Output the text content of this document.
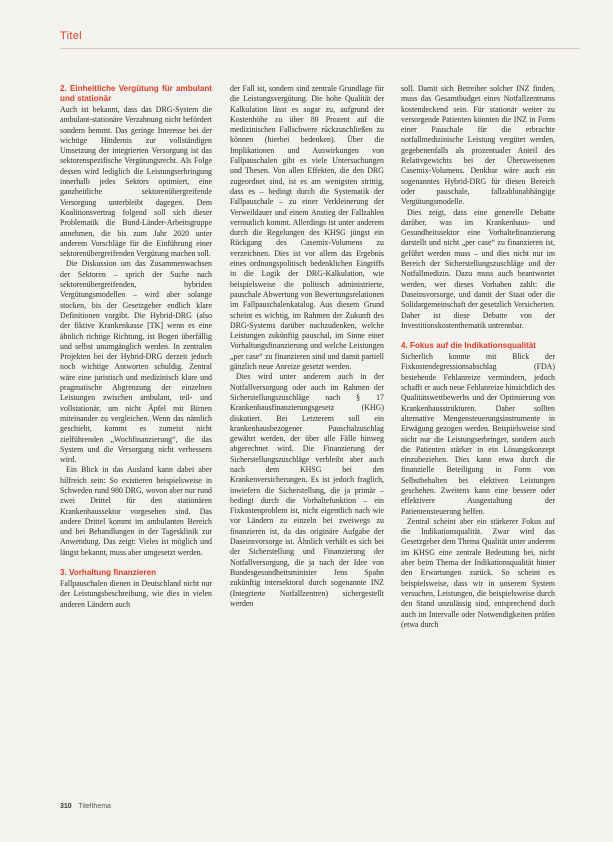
Titel
2. Einheitliche Vergütung für ambulant und stationär

Auch ist bekannt, dass das DRG-System die ambulant-stationäre Verzahnung nicht befördert sondern hemmt. Das geringe Interesse bei der wichtige Hindernis zur vollständigen Umsetzung der integrierten Versorgung ist das sektorenspezifische Vergütungsrecht. Als Folge dessen wird lediglich die Leistungserbringung innerhalb jedes Sektors optimiert, eine ganzheitliche sektorenübergreifende Versorgung unterbleibt dagegen. Dem Koalitionsvertrag folgend soll sich dieser Problematik die Bund-Länder-Arbeitsgruppe annehmen, die bis zum Jahr 2020 unter anderem Vorschläge für die Einführung einer sektorenübergreifenden Vergütung machen soll.

Die Diskussion um das Zusammenwachsen der Sektoren – sprich der Suche nach sektorenübergreifenden, hybriden Vergütungsmodellen – wird aber solange stocken, bis der Gesetzgeber endlich klare Definitionen vorgibt. Die Hybrid-DRG (also der fiktive Krankenkasse [TK] wenn es eine ähnlich richtige Richtung, ist Bogen überfällig und selbst unumgänglich werden. In zentralen Projekten bei der Hybrid-DRG derzeit jedoch noch wichtige Antworten schuldig. Zentral wäre eine juristisch und medizinisch klare und pragmatische Abgrenzung der einzelnen Leistungen zwischen ambulant, teil- und vollstationär, um nicht Äpfel mit Birnen miteinander zu vergleichen. Wenn das nämlich geschieht, kommt es zumeist nicht zielführenden „Wochfinanzierung“, die das System und die Versorgung nicht verbessern wird.

Ein Blick in das Ausland kann dabei aber hilfreich sein: So existieren beispielsweise in Schweden rund 980 DRG, wovon aber nur rund zwei Drittel für den stationären Krankenhaussektor vorgesehen sind. Das andere Drittel kommt im ambulanten Bereich und bei Behandlungen in der Tagesklinik zur Anwendung. Das zeigt: Vieles ist möglich und längst bekannt, muss aber umgesetzt werden.

3. Vorhaltung finanzieren

Fallpauschalen dienen in Deutschland nicht nur der Leistungsbeschreibung, wie dies in vielen anderen Ländern auch

der Fall ist, sondern sind zentrale Grundlage für die Leistungsvergütung. Die hohe Qualität der Kalkulation lässt es sogar zu, aufgrund der Kostenhöhe zu über 80 Prozent auf die medizinischen Fallschwere rückzuschließen zu können (hierbei bedenken). Über die Implikationen und Auswirkungen von Fallpauschalen gibt es viele Untersuchungen und Thesen. Von allen Effekten, die den DRG zugeordnet sind, ist es am wenigsten strittig, dass es – bedingt durch die Systematik der Fallpauschale – zu einer Verkleinerung der Verweildauer und einem Anstieg der Fallzahlen vermutlich kommt. Allerdings ist unter anderem durch die Regelungen des KHSG jüngst ein Rückgang des Casemix-Volumens zu verzeichnen. Dies ist vor allem das Ergebnis eines ordnungspolitisch bedenklichen Eingriffs in die Logik der DRG-Kalkulation, wie beispielsweise die politisch administrierte, pauschale Abwertung von Bewertungsrelationen im Fallpauschalenkatalog. Aus diesem Grund scheint es wichtig, im Rahmen der Zukunft des DRG-Systems darüber nachzudenken, welche Leistungen zukünftig pauschal, im Sinne einer Vorhaltungsfinanzierung und welche Leistungen „per case“ zu finanzieren sind und damit partiell gänzlich neue Anreize gesetzt werden.

Dies wird unter anderem auch in der Notfallversorgung oder auch im Rahmen der Sicherstellungszuschläge nach § 17 Krankenhausfinanzierungsgesetz (KHG) diskutiert. Bei Letzterem soll ein krankenhausbezogener Pauschalzuschlag gewährt werden, der über alle Fälle hinweg abgerechnet wird. Die Finanzierung der Sicherstellungszuschläge verbleibt aber auch nach dem KHSG bei den Krankenversicherungen. Es ist jedoch fraglich, inwiefern die Sicherstellung, die ja primär – bedingt durch die Vorhaltefunktion – ein Fixkostenproblem ist, nicht eigentlich nach wie vor Ländern zu einzeln bei zweiwegs zu finanzieren ist, da das originäre Aufgabe der Daseinsvorsorge ist. Ähnlich verhält es sich bei der Sicherstellung und Finanzierung der Notfallversorgung, die ja nach der Idee von Bundesgesundheitsminister Jens Spahn zukünftig intersektoral durch sogenannte INZ (Integrierte Notfallzentren) sichergestellt werden

soll. Damit sich Betreiber solcher INZ finden, muss das Gesamtbudget eines Notfallzentrums kostendeckend sein. Für stationär weiter zu versorgende Patienten könnten die INZ in Form einer Pauschale für die erbrachte notfallmedizinische Leistung vergütet werden, gegebenenfalls als prozentualer Anteil des Relativgewichts bei der Übersweisenen Casemix-Volumens. Denkbar wäre auch ein sogenanntes Hybrid-DRG für diesen Bereich oder pauschale, fallzahlunabhängige Vergütungsmodelle.

Dies zeigt, dass eine generelle Debatte darüber, was im Krankenhaus- und Gesundheitssektor eine Vorhaltefinanzierung darstellt und nicht „per case“ zu finanzieren ist, geführt werden muss – und dies nicht nur im Bereich der Sicherstellungszuschläge und der Notfallmedizin. Dazu muss auch beantwortet werden, wer dieses Vorhaben zahlt: die Daseinsvorsorge, und damit der Staat oder die Solidargemeinschaft der gesetzlich Versicherten. Daher ist diese Debatte von der Investitionskostenthematik untrennbar.

4. Fokus auf die Indikationsqualität

Sicherlich konnte mit Blick der Fixkostendegressionsabschlag (FDA) bestehende Fehlanreize vermindern, jedoch schafft er auch neue Fehlanreize hinsichtlich des Qualitätswettbewerbs und der Optimierung von Krankenhausstrukturen. Daher sollten alternative Mengensteuerungsinstrumente in Erwägung gezogen werden. Beispielsweise sind nicht nur die Leistungserbringer, sondern auch die Patienten stärker in ein Lösungskonzept einzubeziehen. Dies kann etwa durch die finanzielle Beteiligung in Form von Selbstbehalten bei elektiven Leistungen geschehen. Zweitens kann eine bessere oder effektivere Ausgestaltung der Patientensteuerung helfen.

Zentral scheint aber ein stärkerer Fokus auf die Indikationsqualität. Zwar wird das Gesetzgeber dem Thema Qualität unter anderem im KHSG eine zentrale Bedeutung bei, nicht aber beim Thema der Indikationsqualität hinter den Erwartungen zurück. So scheint es beispielsweise, dass wir in unserem System versuchen, Leistungen, die beispielsweise durch den Stand unzulässig sind, entsprechend doch auch im Intervalle oder Notwendigkeiten prüfen (etwa durch

310 Titelthema
